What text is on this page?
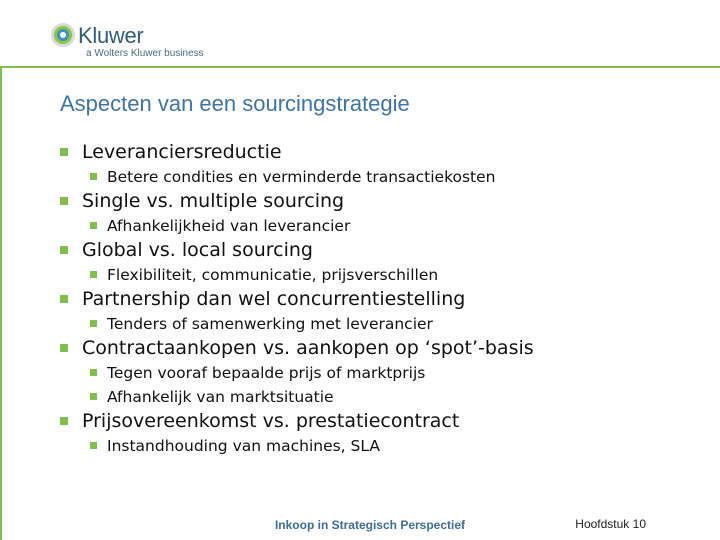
Kluwer
a Wolters Kluwer business
Aspecten van een sourcingstrategie
Leveranciersreductie
Betere condities en verminderde transactiekosten
Single vs. multiple sourcing
Afhankelijkheid van leverancier
Global vs. local sourcing
Flexibiliteit, communicatie, prijsverschillen
Partnership dan wel concurrentiestelling
Tenders of samenwerking met leverancier
Contractaankopen vs. aankopen op ‘spot’-basis
Tegen vooraf bepaalde prijs of marktprijs
Afhankelijk van marktsituatie
Prijsovereenkomst vs. prestatiecontract
Instandhouding van machines, SLA
Inkoop in Strategisch Perspectief	Hoofdstuk 10
